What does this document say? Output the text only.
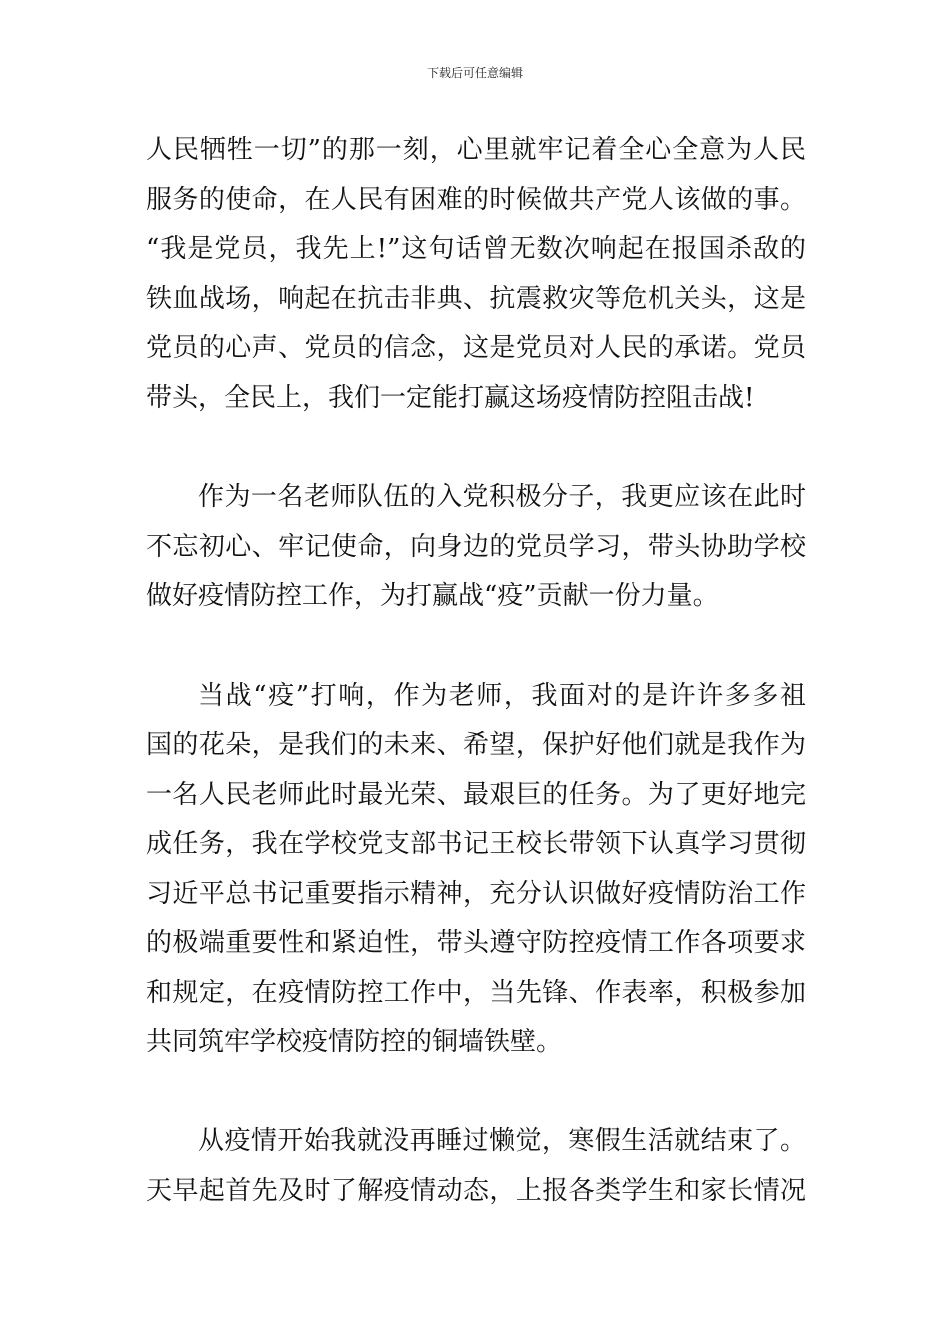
下载后可任意编辑
人民牺牲一切”的那一刻，心里就牢记着全心全意为人民
服务的使命，在人民有困难的时候做共产党人该做的事。
“我是党员，我先上!”这句话曾无数次响起在报国杀敌的
铁血战场，响起在抗击非典、抗震救灾等危机关头，这是
党员的心声、党员的信念，这是党员对人民的承诺。党员
带头，全民上，我们一定能打赢这场疫情防控阻击战!
作为一名老师队伍的入党积极分子，我更应该在此时
不忘初心、牢记使命，向身边的党员学习，带头协助学校
做好疫情防控工作，为打赢战“疫”贡献一份力量。
当战“疫”打响，作为老师，我面对的是许许多多祖
国的花朵，是我们的未来、希望，保护好他们就是我作为
一名人民老师此时最光荣、最艰巨的任务。为了更好地完
成任务，我在学校党支部书记王校长带领下认真学习贯彻
习近平总书记重要指示精神，充分认识做好疫情防治工作
的极端重要性和紧迫性，带头遵守防控疫情工作各项要求
和规定，在疫情防控工作中，当先锋、作表率，积极参加
共同筑牢学校疫情防控的铜墙铁壁。
从疫情开始我就没再睡过懒觉，寒假生活就结束了。
天早起首先及时了解疫情动态，上报各类学生和家长情况
